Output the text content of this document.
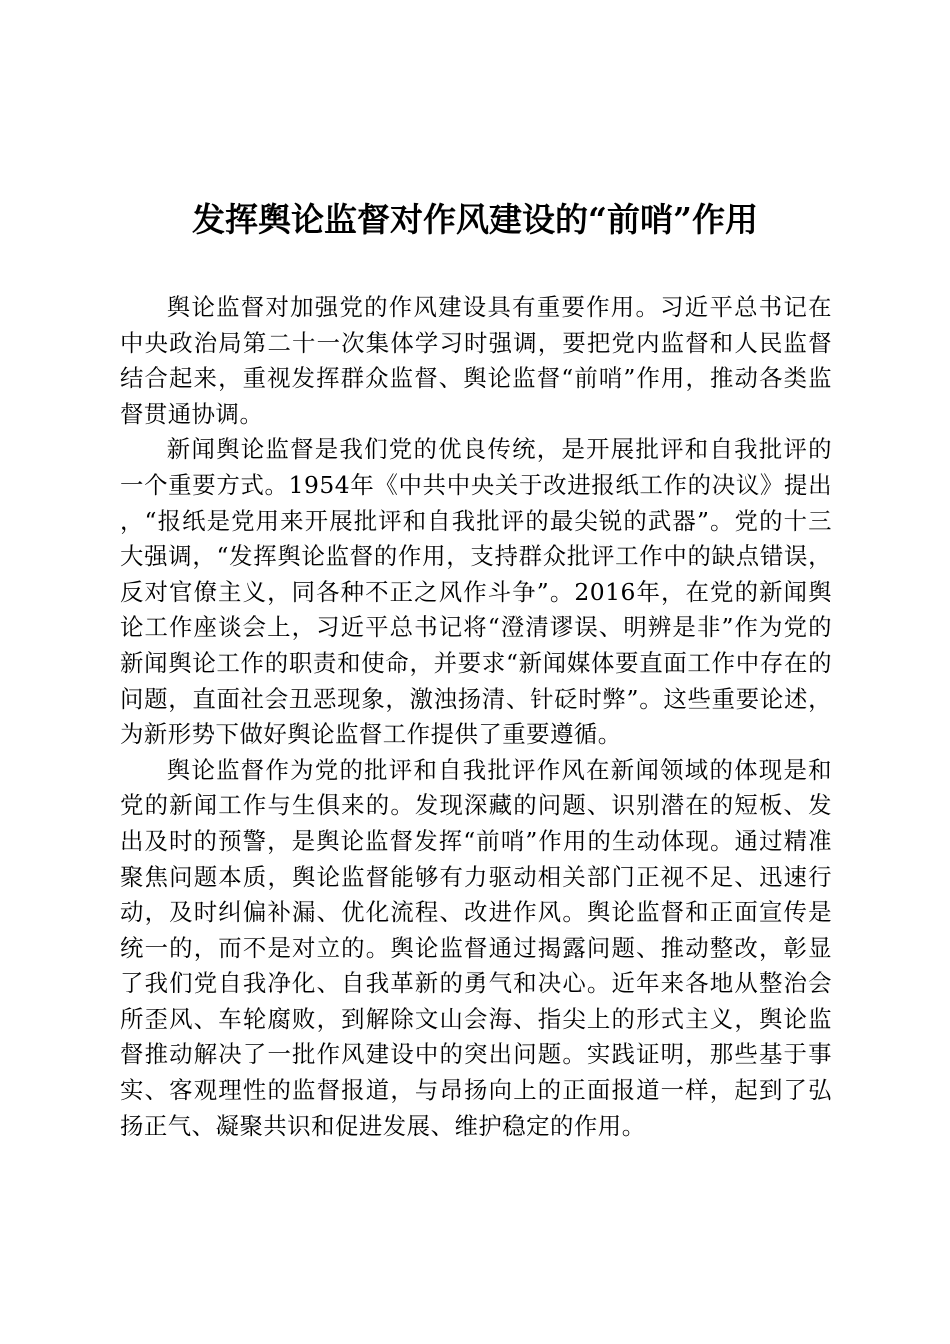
发挥舆论监督对作风建设的“前哨”作用

舆论监督对加强党的作风建设具有重要作用。习近平总书记在中央政治局第二十一次集体学习时强调，要把党内监督和人民监督结合起来，重视发挥群众监督、舆论监督“前哨”作用，推动各类监督贯通协调。

新闻舆论监督是我们党的优良传统，是开展批评和自我批评的一个重要方式。1954年《中共中央关于改进报纸工作的决议》提出，“报纸是党用来开展批评和自我批评的最尖锐的武器”。党的十三大强调，“发挥舆论监督的作用，支持群众批评工作中的缺点错误，反对官僚主义，同各种不正之风作斗争”。2016年，在党的新闻舆论工作座谈会上，习近平总书记将“澄清谬误、明辨是非”作为党的新闻舆论工作的职责和使命，并要求“新闻媒体要直面工作中存在的问题，直面社会丑恶现象，激浊扬清、针砭时弊”。这些重要论述，为新形势下做好舆论监督工作提供了重要遵循。

舆论监督作为党的批评和自我批评作风在新闻领域的体现是和党的新闻工作与生俱来的。发现深藏的问题、识别潜在的短板、发出及时的预警，是舆论监督发挥“前哨”作用的生动体现。通过精准聚焦问题本质，舆论监督能够有力驱动相关部门正视不足、迅速行动，及时纠偏补漏、优化流程、改进作风。舆论监督和正面宣传是统一的，而不是对立的。舆论监督通过揭露问题、推动整改，彰显了我们党自我净化、自我革新的勇气和决心。近年来各地从整治会所歪风、车轮腐败，到解除文山会海、指尖上的形式主义，舆论监督推动解决了一批作风建设中的突出问题。实践证明，那些基于事实、客观理性的监督报道，与昂扬向上的正面报道一样，起到了弘扬正气、凝聚共识和促进发展、维护稳定的作用。
